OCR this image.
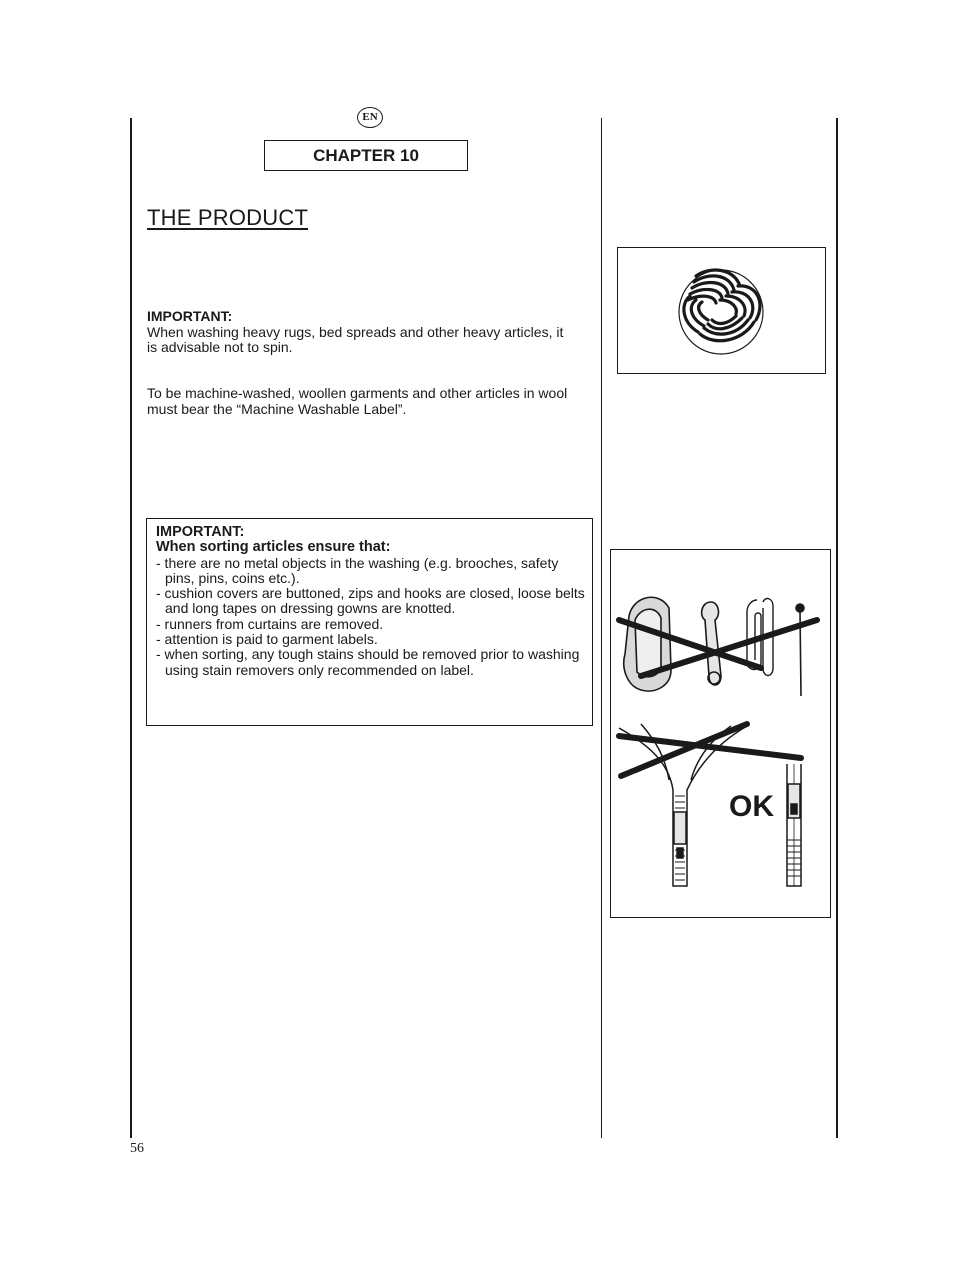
EN
CHAPTER 10
THE PRODUCT
IMPORTANT:
When washing heavy rugs, bed spreads and other heavy articles, it is advisable not to spin.
To be machine-washed, woollen garments and other articles in wool must bear the “Machine Washable Label”.
IMPORTANT:
When sorting articles ensure that:
- there are no metal objects in the washing (e.g. brooches, safety pins, pins, coins etc.).
- cushion covers are buttoned, zips and hooks are closed, loose belts and long tapes on dressing gowns are knotted.
- runners from curtains are removed.
- attention is paid to garment labels.
- when sorting, any tough stains should be removed prior to washing using stain removers only recommended on label.
OK
56
